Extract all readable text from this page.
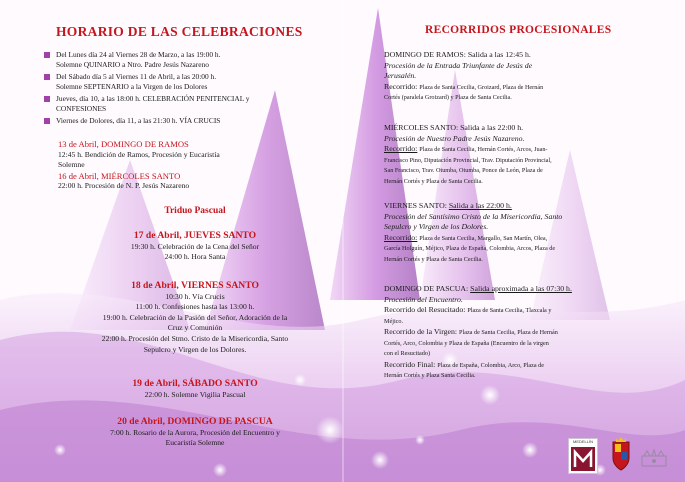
HORARIO DE LAS CELEBRACIONES
Del Lunes día 24 al Viernes 28 de Marzo, a las 19:00 h.
Solemne QUINARIO a Ntro. Padre Jesús Nazareno
Del Sábado día 5 al Viernes 11 de Abril, a las 20:00 h.
Solemne SEPTENARIO a la Virgen de los Dolores
Jueves, día 10, a las 18:00 h. CELEBRACIÓN PENITENCIAL y
CONFESIONES
Viernes de Dolores, día 11, a las 21:30 h. VÍA CRUCIS
13 de Abril, DOMINGO DE RAMOS
12:45 h. Bendición de Ramos, Procesión y Eucaristía
Solemne
16 de Abril, MIÉRCOLES SANTO
22:00 h. Procesión de N. P. Jesús Nazareno
Triduo Pascual
17 de Abril, JUEVES SANTO
19:30 h. Celebración de la Cena del Señor
24:00 h. Hora Santa
18 de Abril, VIERNES SANTO
10:30 h. Vía Crucis
11:00 h. Confesiones hasta las 13:00 h.
19:00 h. Celebración de la Pasión del Señor, Adoración de la
Cruz y Comunión
22:00 h. Procesión del Stmo. Cristo de la Misericordia, Santo
Sepulcro y Virgen de los Dolores.
19 de Abril, SÁBADO SANTO
22:00 h. Solemne Vigilia Pascual
20 de Abril, DOMINGO DE PASCUA
7:00 h. Rosario de la Aurora, Procesión del Encuentro y
Eucaristía Solemne
RECORRIDOS PROCESIONALES
DOMINGO DE RAMOS: Salida a las 12:45 h.
Procesión de la Entrada Triunfante de Jesús de
Jerusalén.
Recorrido: Plaza de Santa Cecilia, Groizard, Plaza de Hernán
Cortés (paralela Groizard) y Plaza de Santa Cecilia.
MIÉRCOLES SANTO: Salida a las 22:00 h.
Procesión de Nuestro Padre Jesús Nazareno.
Recorrido: Plaza de Santa Cecilia, Hernán Cortés, Arcos, Juan-
Francisco Pino, Diputación Provincial, Trav. Diputación Provincial,
San Francisco, Trav. Otumba, Otumba, Ponce de León, Plaza de
Hernán Cortés y Plaza de Santa Cecilia.
VIERNES SANTO: Salida a las 22:00 h.
Procesión del Santísimo Cristo de la Misericordia, Santo
Sepulcro y Virgen de los Dolores.
Recorrido: Plaza de Santa Cecilia, Margallo, San Martín, Olea,
García Holguín, Méjico, Plaza de España, Colombia, Arcos, Plaza de
Hernán Cortés y Plaza de Santa Cecilia.
DOMINGO DE PASCUA: Salida aproximada a las 07:30 h.
Procesión del Encuentro.
Recorrido del Resucitado: Plaza de Santa Cecilia, Tlaxcala y
Méjico.
Recorrido de la Virgen: Plaza de Santa Cecilia, Plaza de Hernán
Cortés, Arco, Colombia y Plaza de España (Encuentro de la virgen
con el Resucitado)
Recorrido Final: Plaza de España, Colombia, Arco, Plaza de
Hernán Cortés y Plaza Santa Cecilia.
MEDELLÍN
